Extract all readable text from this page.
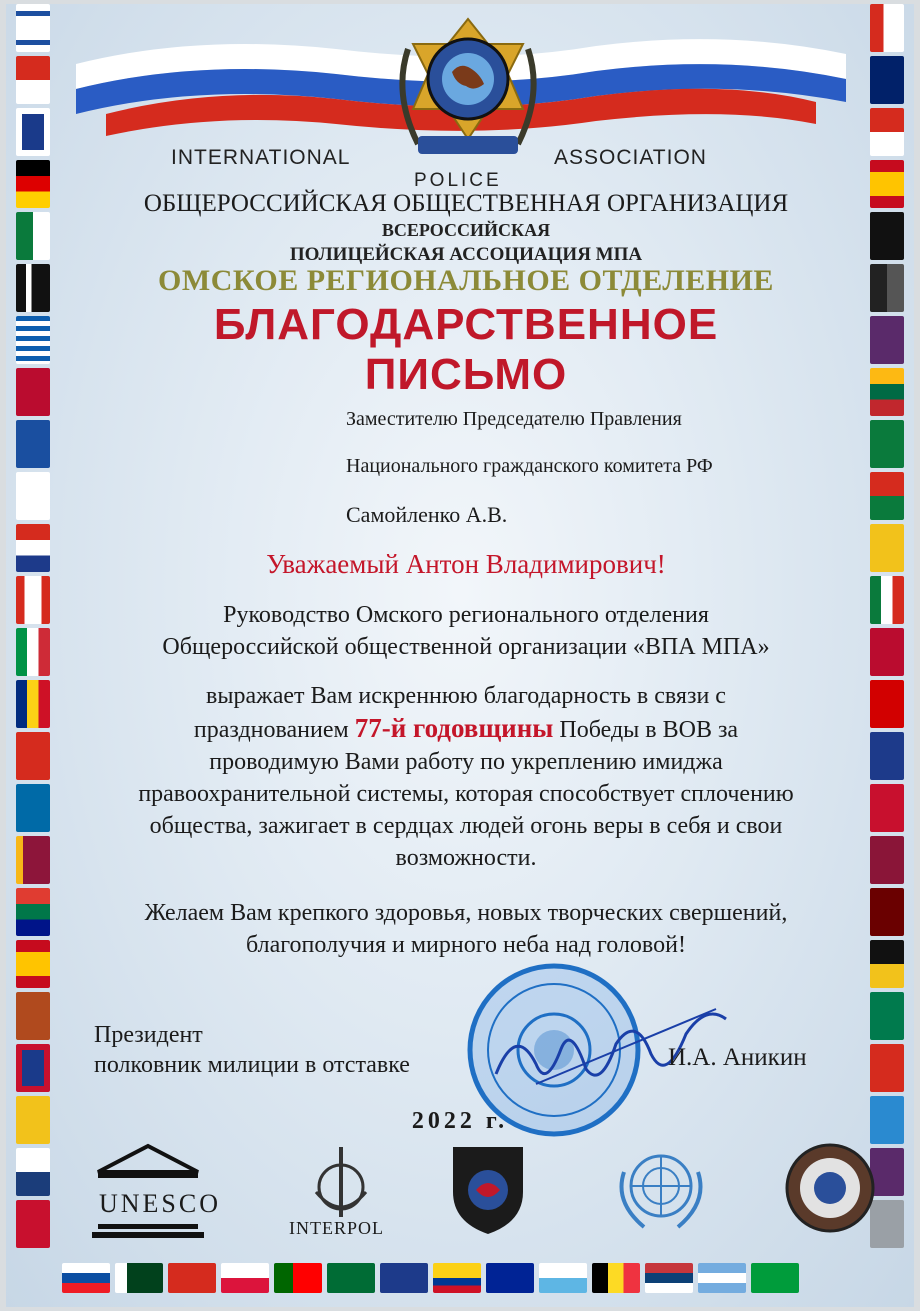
INTERNATIONAL	ASSOCIATION
POLICE
ОБЩЕРОССИЙСКАЯ ОБЩЕСТВЕННАЯ ОРГАНИЗАЦИЯ
ВСЕРОССИЙСКАЯ
ПОЛИЦЕЙСКАЯ АССОЦИАЦИЯ МПА
ОМСКОЕ РЕГИОНАЛЬНОЕ ОТДЕЛЕНИЕ
БЛАГОДАРСТВЕННОЕ
ПИСЬМО
Заместителю Председателю Правления
Национального гражданского комитета РФ
Самойленко А.В.
Уважаемый Антон Владимирович!
Руководство Омского регионального отделения
Общероссийской общественной организации «ВПА МПА»
выражает Вам искреннюю благодарность в связи с
празднованием 77-й годовщины Победы в ВОВ за
проводимую Вами работу по укреплению имиджа
правоохранительной системы, которая способствует сплочению
общества, зажигает в сердцах людей огонь веры в себя и свои
возможности.
Желаем Вам крепкого здоровья, новых творческих свершений,
благополучия и мирного неба над головой!
Президент
полковник милиции в отставке	И.А. Аникин
2022 г.
UNESCO
INTERPOL
